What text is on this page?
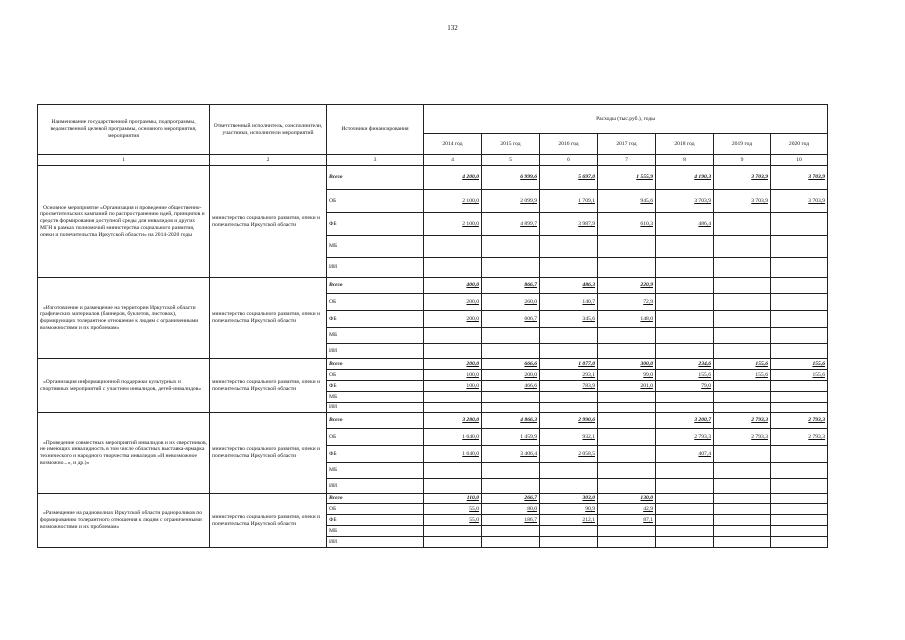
132
Наименование государственной программы, подпрограммы, ведомственной целевой программы, основного мероприятия, мероприятия	Ответственный исполнитель, соисполнители, участники, исполнители мероприятий	Источники финансирования	Расходы (тыс.руб.), годы						
			2014 год	2015 год	2016 год	2017 год	2018 год	2019 год	2020 год
1	2	3	4	5	6	7	8	9	10
Основное мероприятие «Организация и проведение общественно-просветительских кампаний по распространению идей, принципов и средств формирования доступной среды для инвалидов и других МГН в рамках полномочий министерства социального развития, опеки и попечительства Иркутской области» на 2014-2020 годы	министерство социального развития, опеки и попечительства Иркутской области	Всего	4 200,0	6 999,6	5 697,0	1 555,9	4 190,3	3 703,9	3 703,9
		ОБ	2 100,0	2 099,9	1 709,1	945,6	3 703,9	3 703,9	3 703,9
		ФБ	2 100,0	4 899,7	3 987,9	610,3	486,4		
		МБ							
		ИИ							
«Изготовление и размещение на территории Иркутской области графических материалов (баннеров, буклетов, листовок), формирующих толерантное отношение к людям с ограниченными возможностями и их проблемам»	министерство социального развития, опеки и попечительства Иркутской области	Всего	400,0	866,7	486,3	220,9			
		ОБ	200,0	260,0	140,7	72,9			
		ФБ	200,0	606,7	345,6	148,0			
		МБ							
		ИИ							
«Организация информационной поддержки культурных и спортивных мероприятий с участием инвалидов, детей-инвалидов»	министерство социального развития, опеки и попечительства Иркутской области	Всего	200,0	666,6	1 077,0	300,0	234,6	155,6	155,6
		ОБ	100,0	200,0	293,1	99,0	155,6	155,6	155,6
		ФБ	100,0	466,6	783,9	201,0	79,0		
		МБ							
		ИИ							
«Проведение совместных мероприятий инвалидов и их сверстников, не имеющих инвалидность в том числе областных выставка-ярмарка технического и народного творчества инвалидов «И невозможное возможно...», и др.)»	министерство социального развития, опеки и попечительства Иркутской области	Всего	3 280,0	4 866,3	2 990,6		3 200,7	2 793,3	2 793,3
		ОБ	1 640,0	1 459,9	932,1		2 793,3	2 793,3	2 793,3
		ФБ	1 640,0	3 406,4	2 058,5		407,4		
		МБ							
		ИИ							
«Размещение на радиоволнах Иркутской области радиороликов по формированию толерантного отношения к людям с ограниченными возможностями и их проблемам»	министерство социального развития, опеки и попечительства Иркутской области	Всего	110,0	266,7	303,0	130,0			
		ОБ	55,0	80,0	90,9	42,9			
		ФБ	55,0	186,7	212,1	87,1			
		МБ							
		ИИ							
